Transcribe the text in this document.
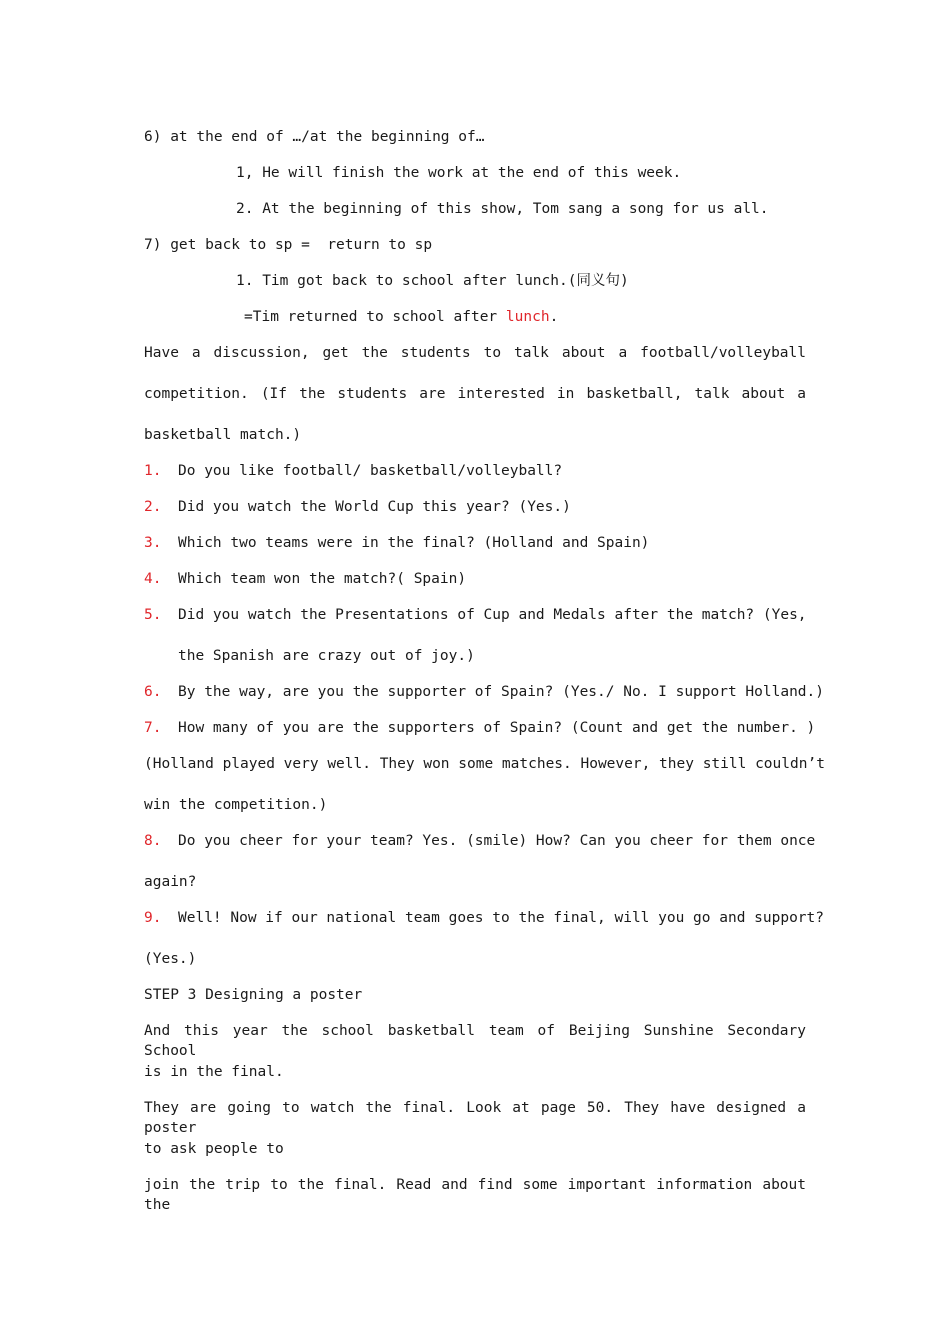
6) at the end of …/at the beginning of…
1, He will finish the work at the end of this week.
2. At the beginning of this show, Tom sang a song for us all.
7) get back to sp =  return to sp
1. Tim got back to school after lunch.(同义句)
=Tim returned to school after lunch.
Have a discussion, get the students to talk about a football/volleyball
competition. (If the students are interested in basketball, talk about a
basketball match.)
1. Do you like football/ basketball/volleyball?
2. Did you watch the World Cup this year? (Yes.)
3. Which two teams were in the final? (Holland and Spain)
4. Which team won the match?( Spain)
5. Did you watch the Presentations of Cup and Medals after the match? (Yes,
the Spanish are crazy out of joy.)
6. By the way, are you the supporter of Spain? (Yes./ No. I support Holland.)
7. How many of you are the supporters of Spain? (Count and get the number. )
(Holland played very well. They won some matches. However, they still couldn’t
win the competition.)
8. Do you cheer for your team? Yes. (smile) How? Can you cheer for them once
again?
9. Well! Now if our national team goes to the final, will you go and support?
(Yes.)
STEP 3 Designing a poster
And this year the school basketball team of Beijing Sunshine Secondary School
is in the final.
They are going to watch the final. Look at page 50. They have designed a poster
to ask people to
join the trip to the final. Read and find some important information about the
